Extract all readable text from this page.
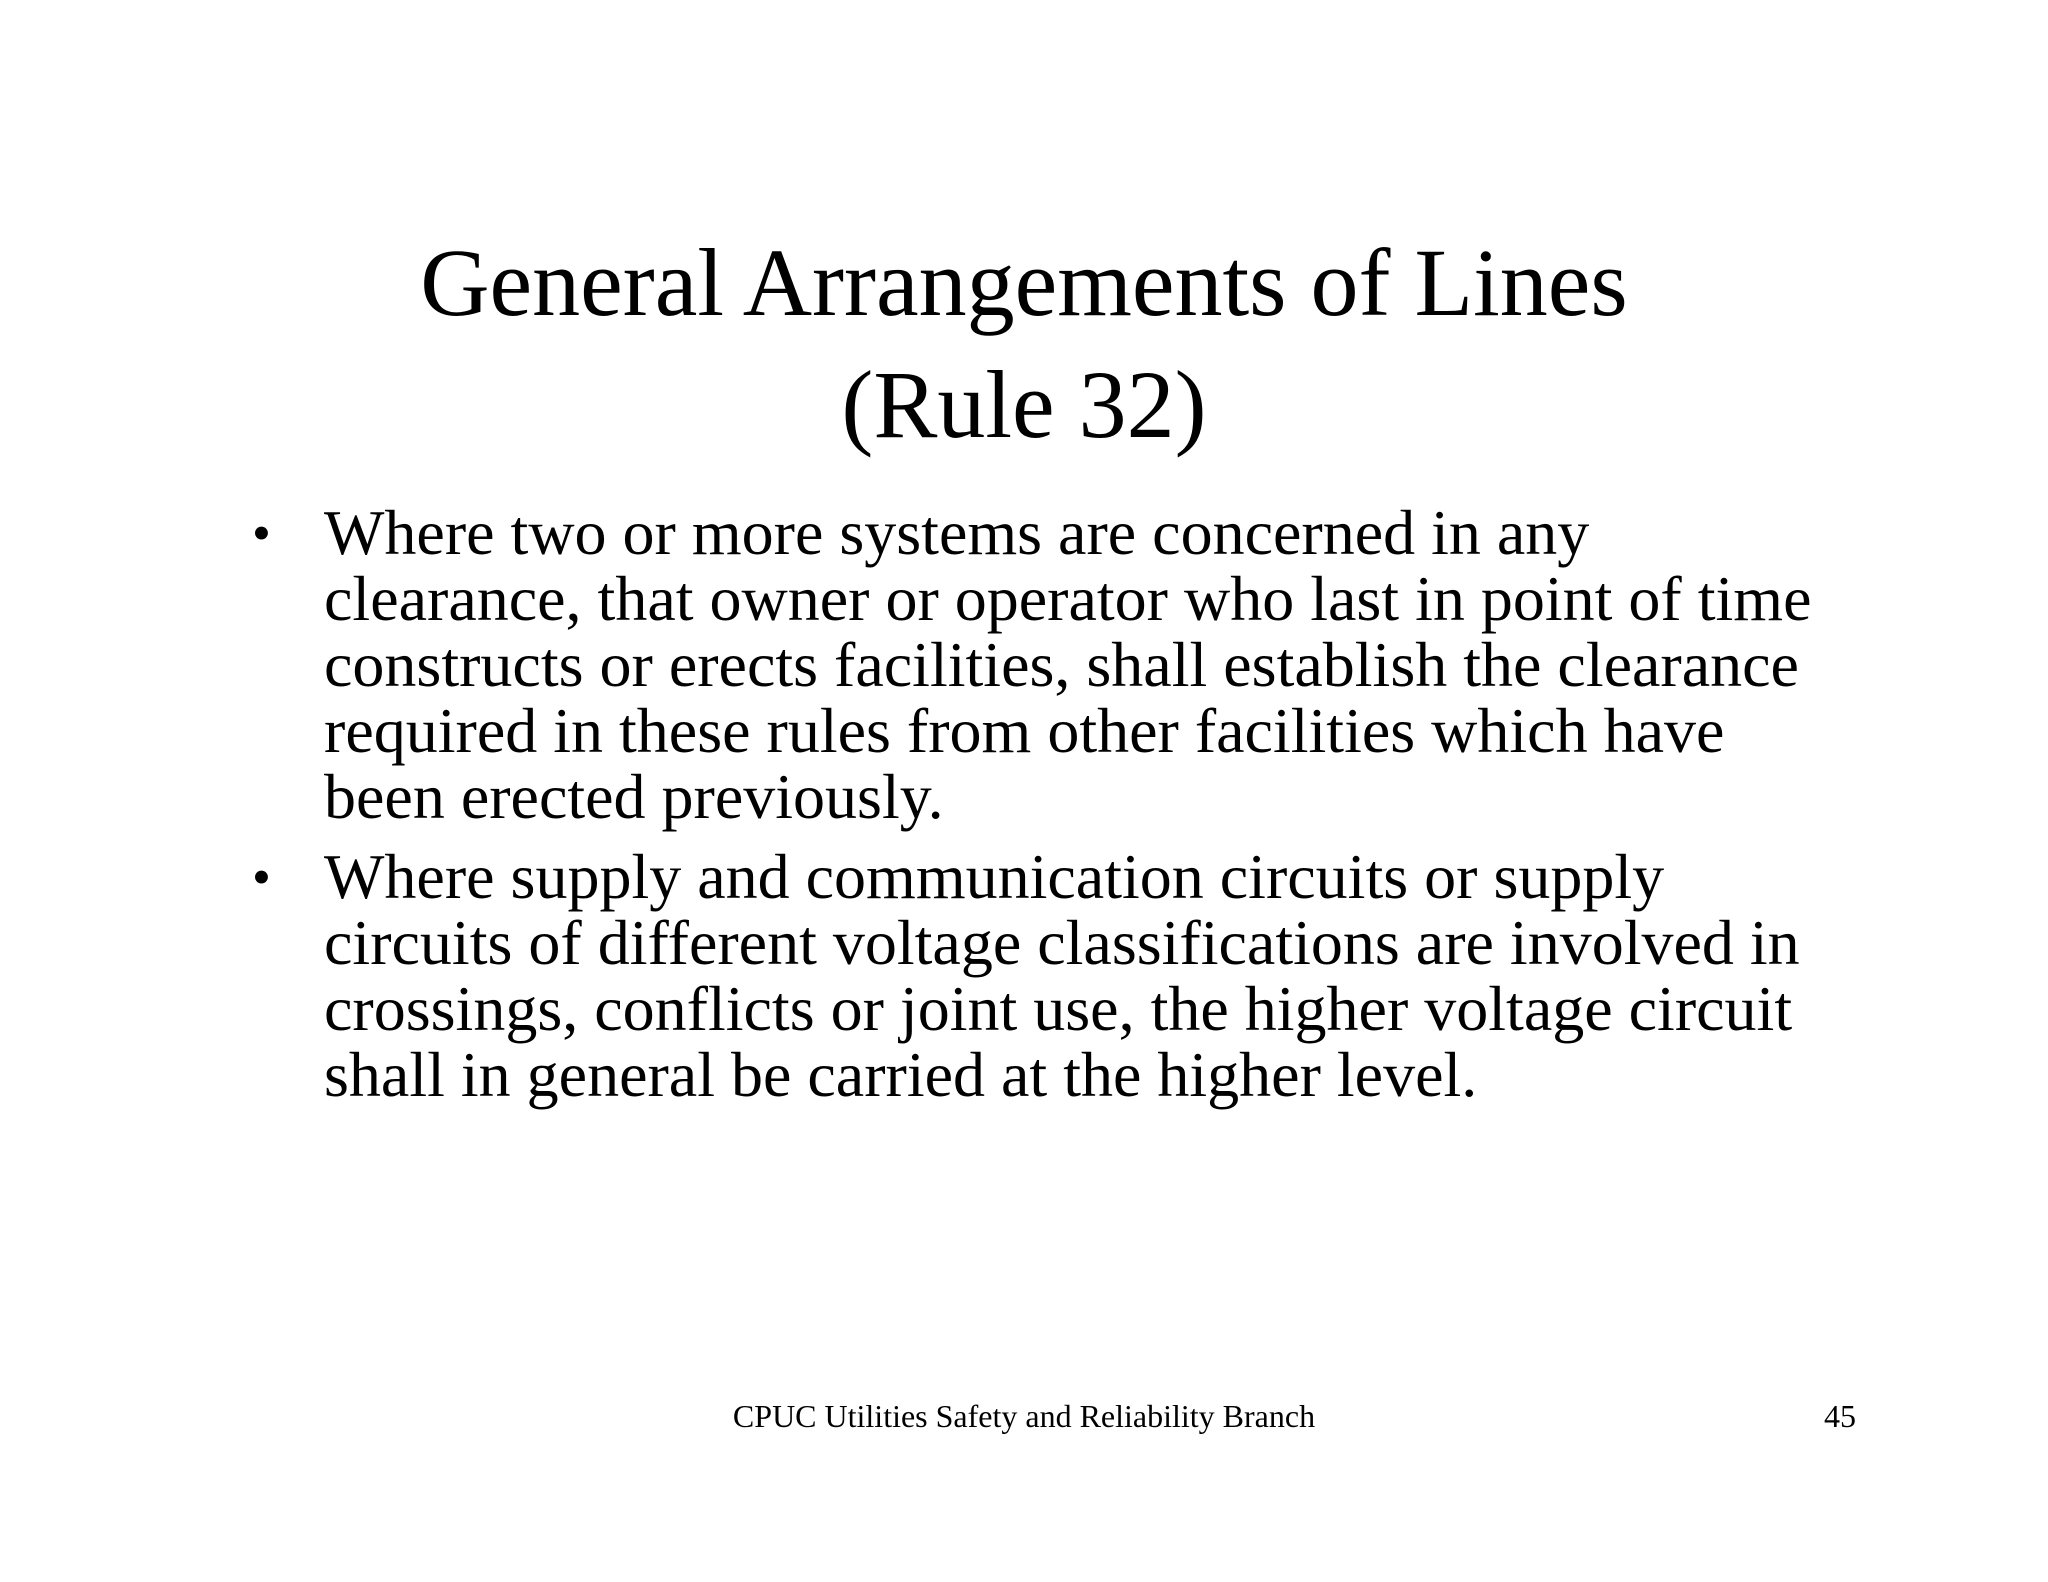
General Arrangements of Lines
(Rule 32)
• Where two or more systems are concerned in any clearance, that owner or operator who last in point of time constructs or erects facilities, shall establish the clearance required in these rules from other facilities which have been erected previously.
• Where supply and communication circuits or supply circuits of different voltage classifications are involved in crossings, conflicts or joint use, the higher voltage circuit shall in general be carried at the higher level.
CPUC Utilities Safety and Reliability Branch	45
